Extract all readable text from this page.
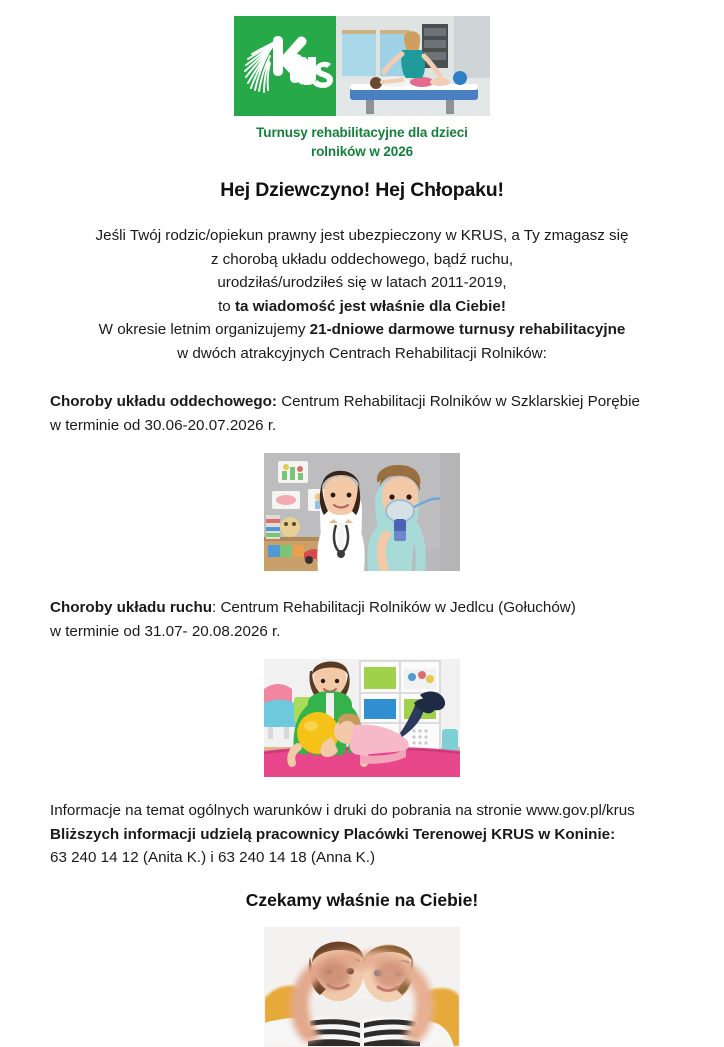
Turnusy rehabilitacyjne dla dzieci
rolników w 2026
Hej Dziewczyno! Hej Chłopaku!
Jeśli Twój rodzic/opiekun prawny jest ubezpieczony w KRUS, a Ty zmagasz się
z chorobą układu oddechowego, bądź ruchu,
urodziłaś/urodziłeś się w latach 2011-2019,
to ta wiadomość jest właśnie dla Ciebie!
W okresie letnim organizujemy 21-dniowe darmowe turnusy rehabilitacyjne
w dwóch atrakcyjnych Centrach Rehabilitacji Rolników:
Choroby układu oddechowego: Centrum Rehabilitacji Rolników w Szklarskiej Porębie
w terminie od 30.06-20.07.2026 r.
Choroby układu ruchu: Centrum Rehabilitacji Rolników w Jedlcu (Gołuchów)
w terminie od 31.07- 20.08.2026 r.
Informacje na temat ogólnych warunków i druki do pobrania na stronie www.gov.pl/krus
Bliższych informacji udzielą pracownicy Placówki Terenowej KRUS w Koninie:
63 240 14 12 (Anita K.) i 63 240 14 18 (Anna K.)
Czekamy właśnie na Ciebie!
